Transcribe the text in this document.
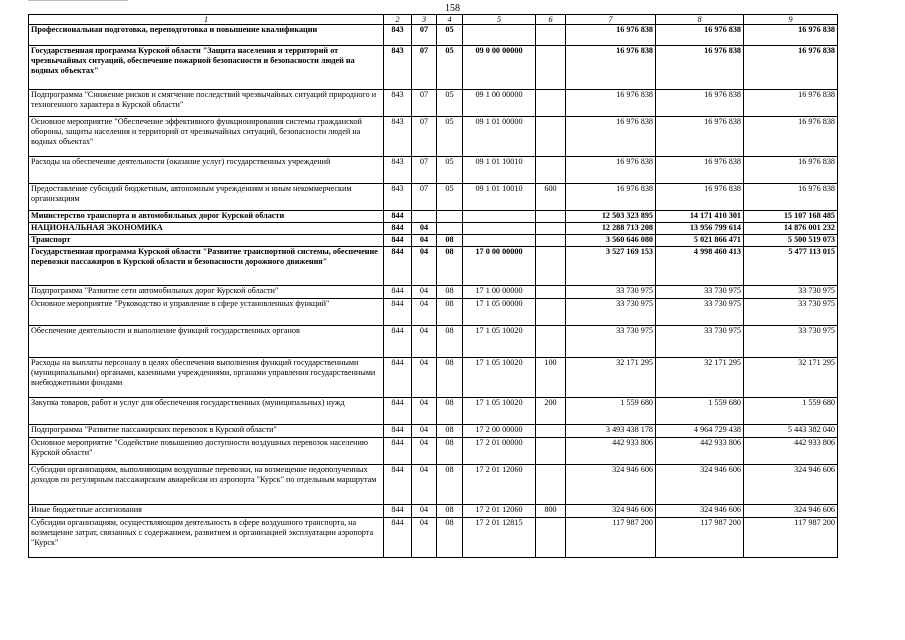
158
1	2	3	4	5	6	7	8	9
Профессиональная подготовка, переподготовка и повышение квалификации	843	07	05			16 976 838	16 976 838	16 976 838
Государственная программа Курской области "Защита населения и территорий от чрезвычайных ситуаций, обеспечение пожарной безопасности и безопасности людей на водных объектах"	843	07	05	09 0 00 00000		16 976 838	16 976 838	16 976 838
Подпрограмма "Снижение рисков и смягчение последствий чрезвычайных ситуаций природного и техногенного характера в Курской области"	843	07	05	09 1 00 00000		16 976 838	16 976 838	16 976 838
Основное мероприятие "Обеспечение эффективного функционирования системы гражданской обороны, защиты населения и территорий от чрезвычайных ситуаций, безопасности людей на водных объектах"	843	07	05	09 1 01 00000		16 976 838	16 976 838	16 976 838
Расходы на обеспечение деятельности (оказание услуг) государственных учреждений	843	07	05	09 1 01 10010		16 976 838	16 976 838	16 976 838
Предоставление субсидий бюджетным, автономным учреждениям и иным некоммерческим организациям	843	07	05	09 1 01 10010	600	16 976 838	16 976 838	16 976 838
Министерство транспорта и автомобильных дорог Курской области	844					12 503 323 895	14 171 410 301	15 107 168 485
НАЦИОНАЛЬНАЯ ЭКОНОМИКА	844	04				12 288 713 208	13 956 799 614	14 876 001 232
Транспорт	844	04	08			3 560 646 080	5 021 866 471	5 500 519 073
Государственная программа Курской области "Развитие транспортной системы, обеспечение перевозки пассажиров в Курской области и безопасности дорожного движения"	844	04	08	17 0 00 00000		3 527 169 153	4 998 460 413	5 477 113 015
Подпрограмма "Развитие сети автомобильных дорог Курской области"	844	04	08	17 1 00 00000		33 730 975	33 730 975	33 730 975
Основное мероприятие "Руководство и управление в сфере установленных функций"	844	04	08	17 1 05 00000		33 730 975	33 730 975	33 730 975
Обеспечение деятельности и выполнение функций государственных органов	844	04	08	17 1 05 10020		33 730 975	33 730 975	33 730 975
Расходы на выплаты персоналу в целях обеспечения выполнения функций государственными (муниципальными) органами, казенными учреждениями, органами управления государственными внебюджетными фондами	844	04	08	17 1 05 10020	100	32 171 295	32 171 295	32 171 295
Закупка товаров, работ и услуг для обеспечения государственных (муниципальных) нужд	844	04	08	17 1 05 10020	200	1 559 680	1 559 680	1 559 680
Подпрограмма "Развитие пассажирских перевозок в Курской области"	844	04	08	17 2 00 00000		3 493 438 178	4 964 729 438	5 443 382 040
Основное мероприятие "Содействие повышению доступности воздушных перевозок населению Курской области"	844	04	08	17 2 01 00000		442 933 806	442 933 806	442 933 806
Субсидии организациям, выполняющим воздушные перевозки, на возмещение недополученных доходов по регулярным пассажирским авиарейсам из аэропорта "Курск" по отдельным маршрутам	844	04	08	17 2 01 12060		324 946 606	324 946 606	324 946 606
Иные бюджетные ассигнования	844	04	08	17 2 01 12060	800	324 946 606	324 946 606	324 946 606
Субсидии организациям, осуществляющим деятельность в сфере воздушного транспорта, на возмещение затрат, связанных с содержанием, развитием и организацией эксплуатации аэропорта "Курск"	844	04	08	17 2 01 12815		117 987 200	117 987 200	117 987 200
